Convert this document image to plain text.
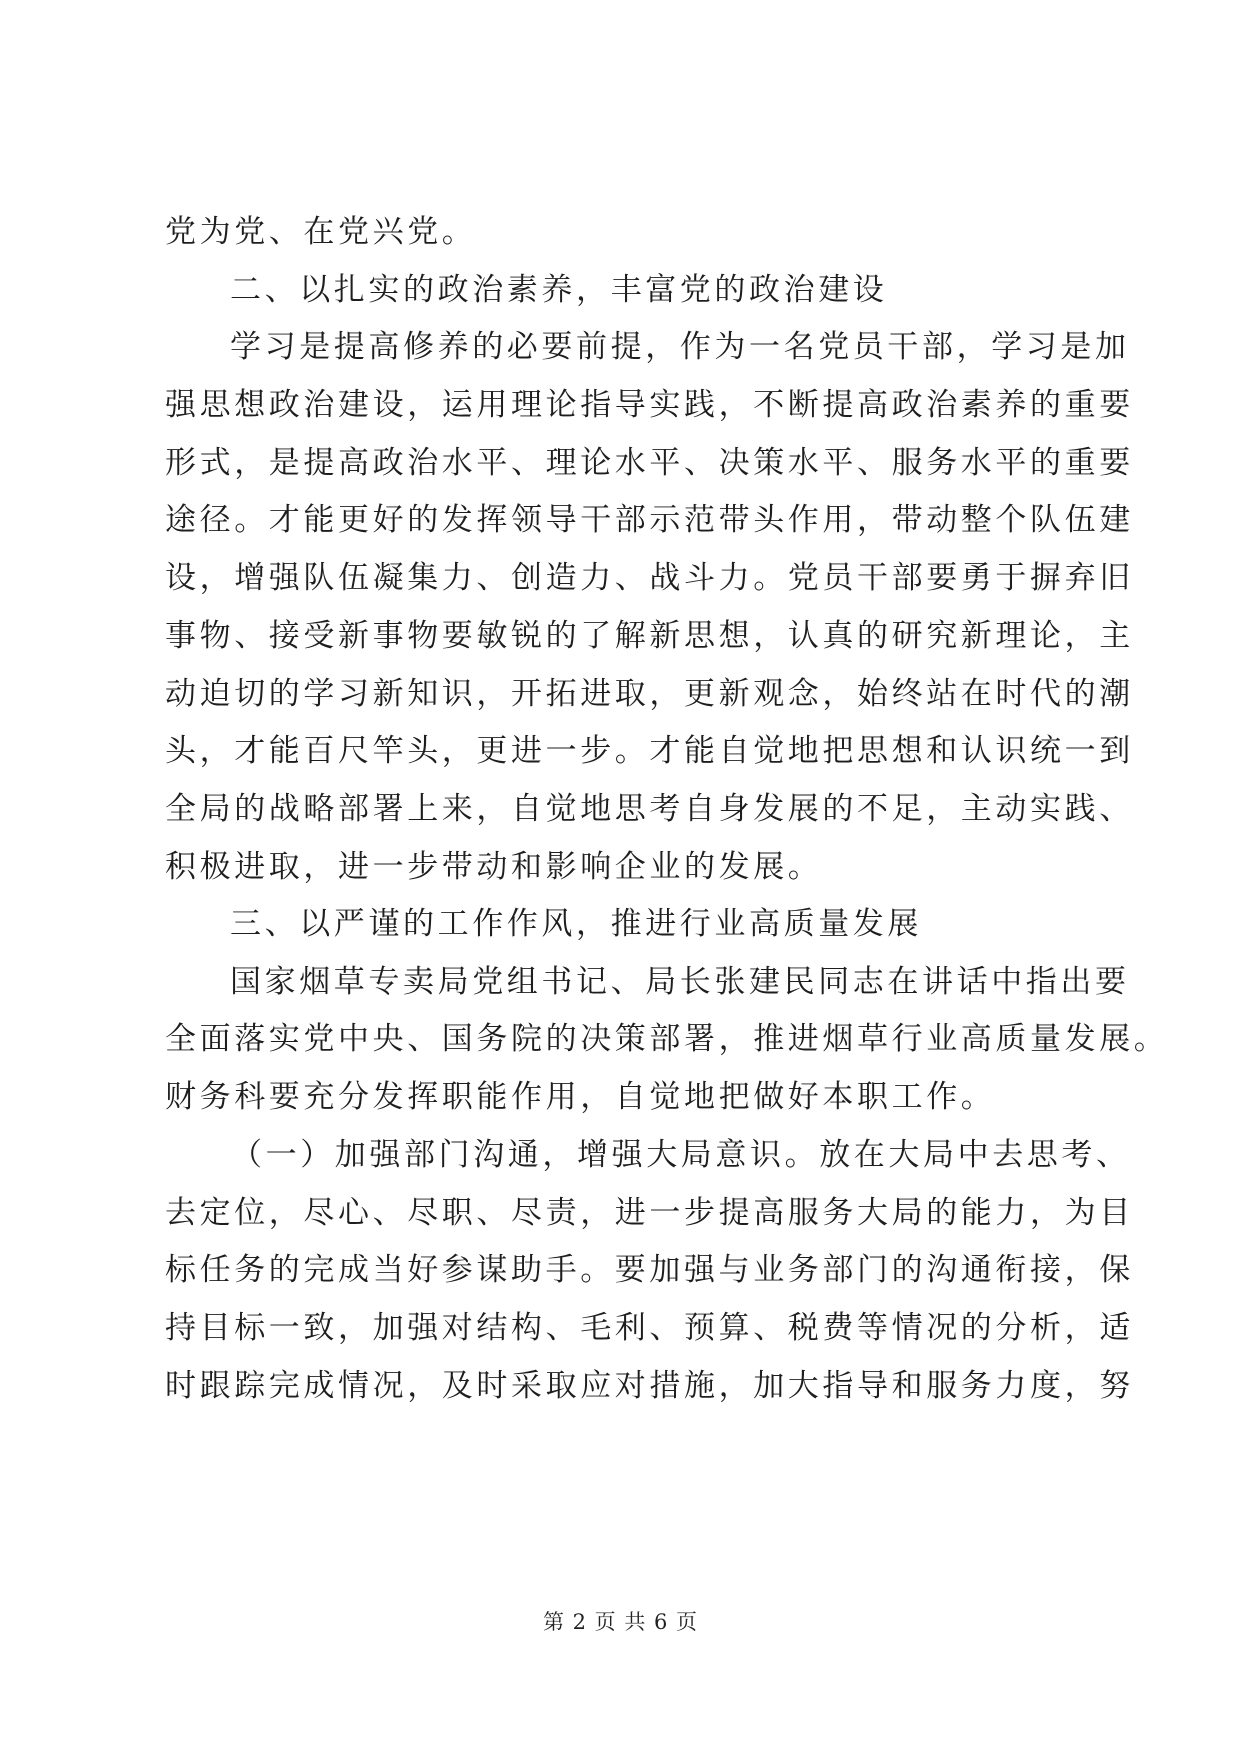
党为党、在党兴党。
二、以扎实的政治素养，丰富党的政治建设
学习是提高修养的必要前提，作为一名党员干部，学习是加
强思想政治建设，运用理论指导实践，不断提高政治素养的重要
形式，是提高政治水平、理论水平、决策水平、服务水平的重要
途径。才能更好的发挥领导干部示范带头作用，带动整个队伍建
设，增强队伍凝集力、创造力、战斗力。党员干部要勇于摒弃旧
事物、接受新事物要敏锐的了解新思想，认真的研究新理论，主
动迫切的学习新知识，开拓进取，更新观念，始终站在时代的潮
头，才能百尺竿头，更进一步。才能自觉地把思想和认识统一到
全局的战略部署上来，自觉地思考自身发展的不足，主动实践、
积极进取，进一步带动和影响企业的发展。
三、以严谨的工作作风，推进行业高质量发展
国家烟草专卖局党组书记、局长张建民同志在讲话中指出要
全面落实党中央、国务院的决策部署，推进烟草行业高质量发展。
财务科要充分发挥职能作用，自觉地把做好本职工作。
（一）加强部门沟通，增强大局意识。放在大局中去思考、
去定位，尽心、尽职、尽责，进一步提高服务大局的能力，为目
标任务的完成当好参谋助手。要加强与业务部门的沟通衔接，保
持目标一致，加强对结构、毛利、预算、税费等情况的分析，适
时跟踪完成情况，及时采取应对措施，加大指导和服务力度，努
第 2 页 共 6 页
